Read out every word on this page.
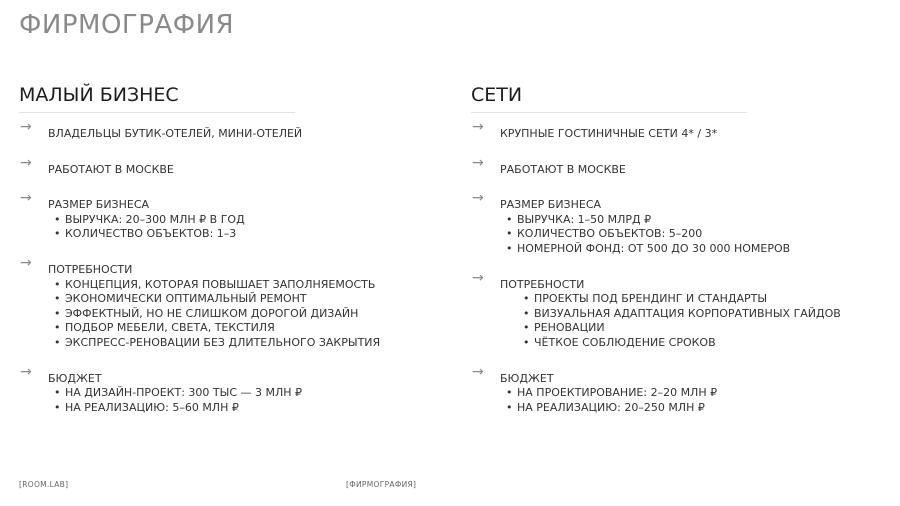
ФИРМОГРАФИЯ
МАЛЫЙ БИЗНЕС
→ ВЛАДЕЛЬЦЫ БУТИК-ОТЕЛЕЙ, МИНИ-ОТЕЛЕЙ
→ РАБОТАЮТ В МОСКВЕ
→ РАЗМЕР БИЗНЕСА
• ВЫРУЧКА: 20–300 МЛН ₽ В ГОД
• КОЛИЧЕСТВО ОБЪЕКТОВ: 1–3
→ ПОТРЕБНОСТИ
• КОНЦЕПЦИЯ, КОТОРАЯ ПОВЫШАЕТ ЗАПОЛНЯЕМОСТЬ
• ЭКОНОМИЧЕСКИ ОПТИМАЛЬНЫЙ РЕМОНТ
• ЭФФЕКТНЫЙ, НО НЕ СЛИШКОМ ДОРОГОЙ ДИЗАЙН
• ПОДБОР МЕБЕЛИ, СВЕТА, ТЕКСТИЛЯ
• ЭКСПРЕСС-РЕНОВАЦИИ БЕЗ ДЛИТЕЛЬНОГО ЗАКРЫТИЯ
→ БЮДЖЕТ
• НА ДИЗАЙН-ПРОЕКТ: 300 ТЫС — 3 МЛН ₽
• НА РЕАЛИЗАЦИЮ: 5–60 МЛН ₽
СЕТИ
→ КРУПНЫЕ ГОСТИНИЧНЫЕ СЕТИ 4* / 3*
→ РАБОТАЮТ В МОСКВЕ
→ РАЗМЕР БИЗНЕСА
• ВЫРУЧКА: 1–50 МЛРД ₽
• КОЛИЧЕСТВО ОБЪЕКТОВ: 5–200
• НОМЕРНОЙ ФОНД: ОТ 500 ДО 30 000 НОМЕРОВ
→ ПОТРЕБНОСТИ
• ПРОЕКТЫ ПОД БРЕНДИНГ И СТАНДАРТЫ
• ВИЗУАЛЬНАЯ АДАПТАЦИЯ КОРПОРАТИВНЫХ ГАЙДОВ
• РЕНОВАЦИИ
• ЧЁТКОЕ СОБЛЮДЕНИЕ СРОКОВ
→ БЮДЖЕТ
• НА ПРОЕКТИРОВАНИЕ: 2–20 МЛН ₽
• НА РЕАЛИЗАЦИЮ: 20–250 МЛН ₽
[ROOM.LAB]	[ФИРМОГРАФИЯ]
